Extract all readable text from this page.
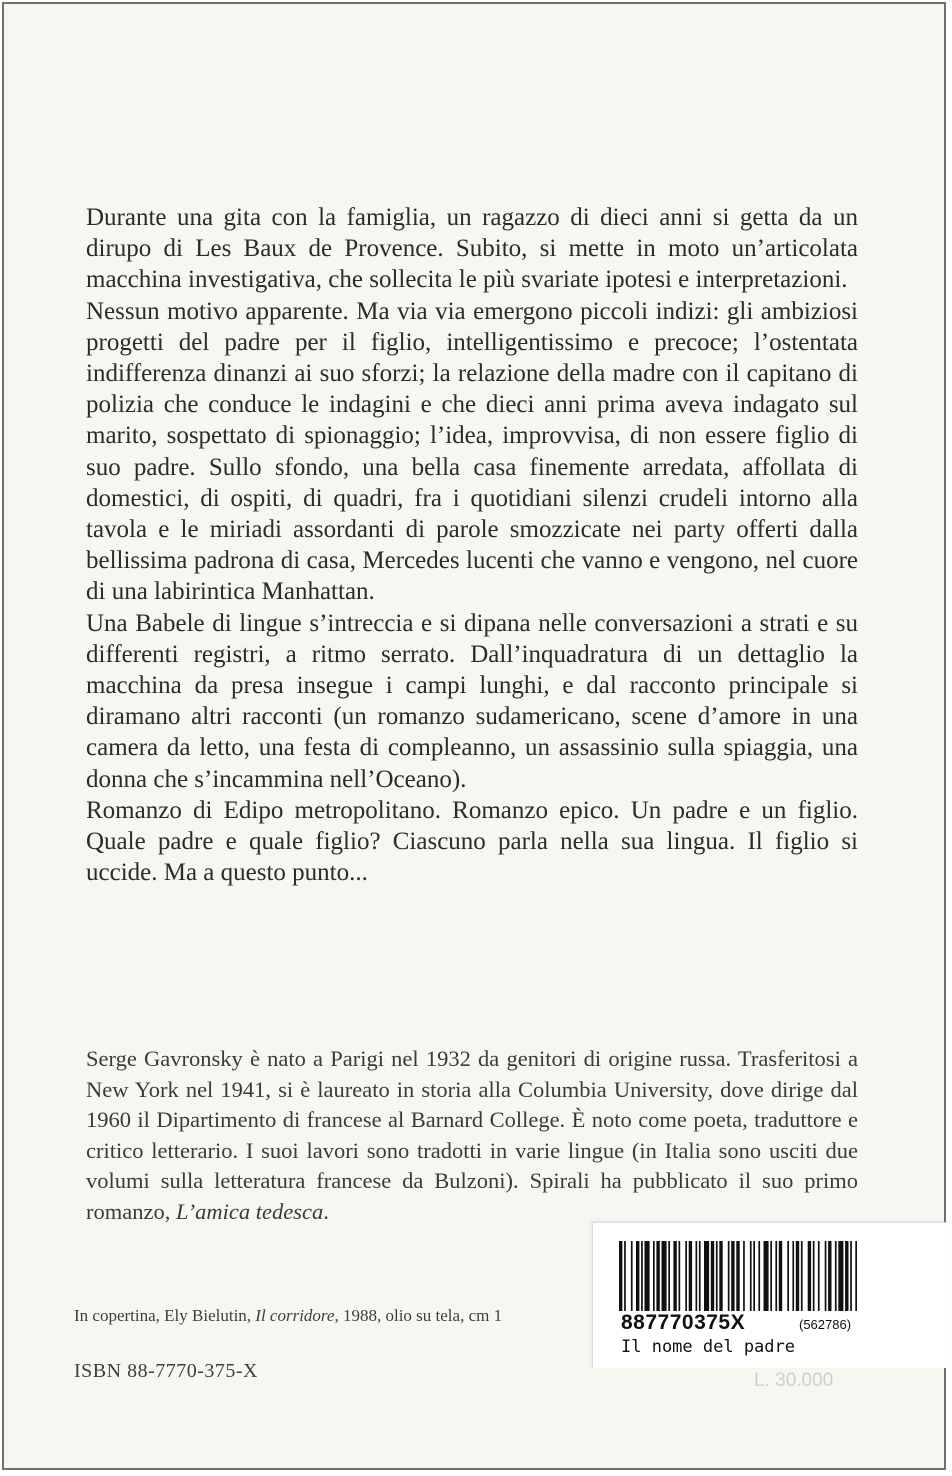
Durante una gita con la famiglia, un ragazzo di dieci anni si getta da un dirupo di Les Baux de Provence. Subito, si mette in moto un’articolata macchina investigativa, che sollecita le più svariate ipotesi e interpretazioni.

Nessun motivo apparente. Ma via via emergono piccoli indizi: gli ambiziosi progetti del padre per il figlio, intelligentissimo e precoce; l’ostentata indifferenza dinanzi ai suo sforzi; la relazione della madre con il capitano di polizia che conduce le indagini e che dieci anni prima aveva indagato sul marito, sospettato di spionaggio; l’idea, improvvisa, di non essere figlio di suo padre. Sullo sfondo, una bella casa finemente arredata, affollata di domestici, di ospiti, di quadri, fra i quotidiani silenzi crudeli intorno alla tavola e le miriadi assordanti di parole smozzicate nei party offerti dalla bellissima padrona di casa, Mercedes lucenti che vanno e vengono, nel cuore di una labirintica Manhattan.

Una Babele di lingue s’intreccia e si dipana nelle conversazioni a strati e su differenti registri, a ritmo serrato. Dall’inquadratura di un dettaglio la macchina da presa insegue i campi lunghi, e dal racconto principale si diramano altri racconti (un romanzo sudamericano, scene d’amore in una camera da letto, una festa di compleanno, un assassinio sulla spiaggia, una donna che s’incammina nell’Oceano).

Romanzo di Edipo metropolitano. Romanzo epico. Un padre e un figlio. Quale padre e quale figlio? Ciascuno parla nella sua lingua. Il figlio si uccide. Ma a questo punto...

Serge Gavronsky è nato a Parigi nel 1932 da genitori di origine russa. Trasferitosi a New York nel 1941, si è laureato in storia alla Columbia University, dove dirige dal 1960 il Dipartimento di francese al Barnard College. È noto come poeta, traduttore e critico letterario. I suoi lavori sono tradotti in varie lingue (in Italia sono usciti due volumi sulla letteratura francese da Bulzoni). Spirali ha pubblicato il suo primo romanzo, L’amica tedesca.

In copertina, Ely Bielutin, Il corridore, 1988, olio su tela, cm 1
ISBN 88-7770-375-X	L. 30.000
887770375X	(562786)
Il nome del padre
